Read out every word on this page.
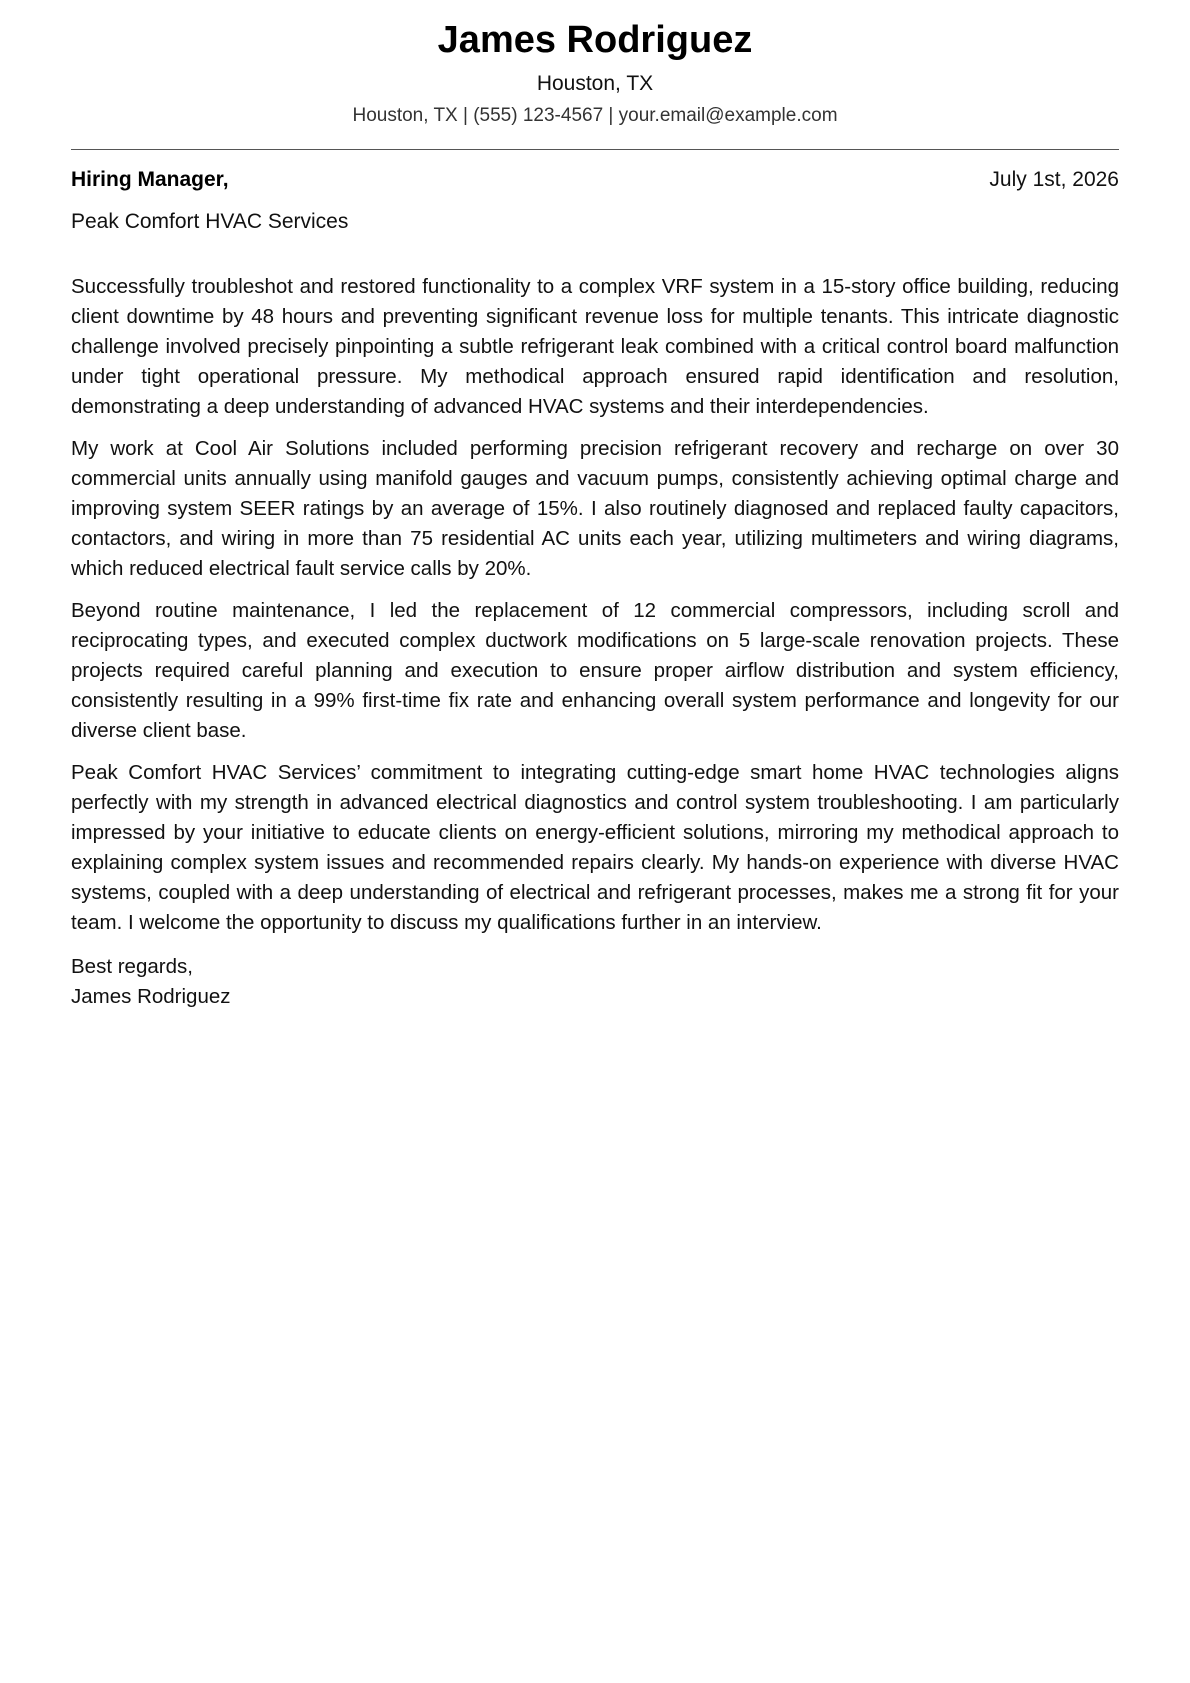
James Rodriguez
Houston, TX
Houston, TX | (555) 123-4567 | your.email@example.com
Hiring Manager,	July 1st, 2026
Peak Comfort HVAC Services

Successfully troubleshot and restored functionality to a complex VRF system in a 15-story office building, reducing client downtime by 48 hours and preventing significant revenue loss for multiple tenants. This intricate diagnostic challenge involved precisely pinpointing a subtle refrigerant leak combined with a critical control board malfunction under tight operational pressure. My methodical approach ensured rapid identification and resolution, demonstrating a deep understanding of advanced HVAC systems and their interdependencies.

My work at Cool Air Solutions included performing precision refrigerant recovery and recharge on over 30 commercial units annually using manifold gauges and vacuum pumps, consistently achieving optimal charge and improving system SEER ratings by an average of 15%. I also routinely diagnosed and replaced faulty capacitors, contactors, and wiring in more than 75 residential AC units each year, utilizing multimeters and wiring diagrams, which reduced electrical fault service calls by 20%.

Beyond routine maintenance, I led the replacement of 12 commercial compressors, including scroll and reciprocating types, and executed complex ductwork modifications on 5 large-scale renovation projects. These projects required careful planning and execution to ensure proper airflow distribution and system efficiency, consistently resulting in a 99% first-time fix rate and enhancing overall system performance and longevity for our diverse client base.

Peak Comfort HVAC Services’ commitment to integrating cutting-edge smart home HVAC technologies aligns perfectly with my strength in advanced electrical diagnostics and control system troubleshooting. I am particularly impressed by your initiative to educate clients on energy-efficient solutions, mirroring my methodical approach to explaining complex system issues and recommended repairs clearly. My hands-on experience with diverse HVAC systems, coupled with a deep understanding of electrical and refrigerant processes, makes me a strong fit for your team. I welcome the opportunity to discuss my qualifications further in an interview.

Best regards,
James Rodriguez
